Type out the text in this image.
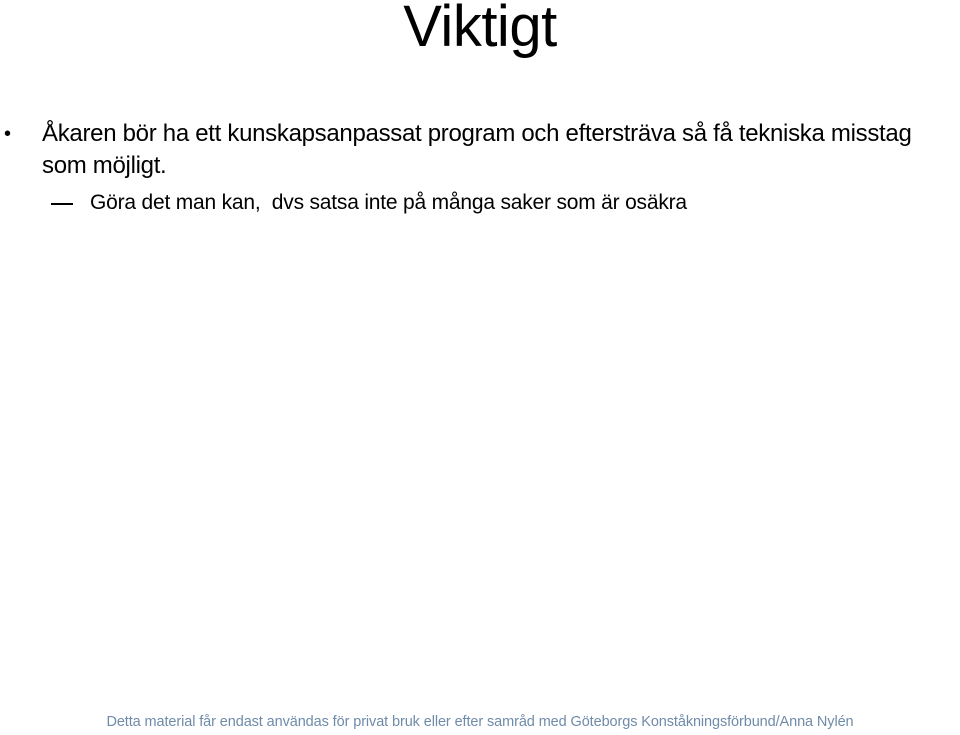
Viktigt
• Åkaren bör ha ett kunskapsanpassat program och eftersträva så få tekniska misstag som möjligt.
Göra det man kan,  dvs satsa inte på många saker som är osäkra
Detta material får endast användas för privat bruk eller efter samråd med Göteborgs Konståkningsförbund/Anna Nylén
